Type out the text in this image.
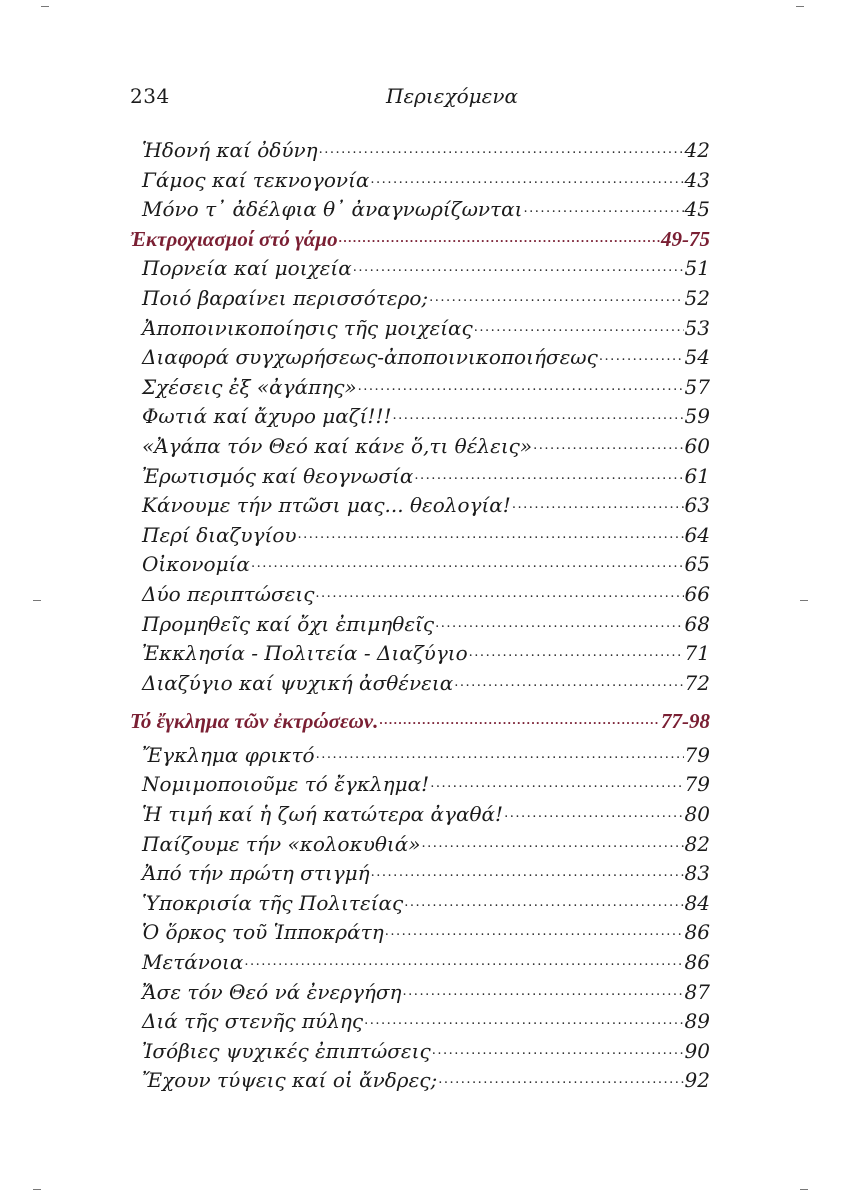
234	Περιεχόμενα
Ἡδονή καί ὀδύνη .....	42
Γάμος καί τεκνογονία .....	43
Μόνο τ᾽ ἀδέλφια θ᾽ ἀναγνωρίζωνται .....	45
Ἐκτροχιασμοί στό γάμο .....	49-75
Πορνεία καί μοιχεία .....	51
Ποιό βαραίνει περισσότερο; .....	52
Ἀποποινικοποίησις τῆς μοιχείας .....	53
Διαφορά συγχωρήσεως-ἀποποινικοποιήσεως .....	54
Σχέσεις ἐξ «ἀγάπης» .....	57
Φωτιά καί ἄχυρο μαζί!!! .....	59
«Ἀγάπα τόν Θεό καί κάνε ὅ,τι θέλεις» .....	60
Ἐρωτισμός καί θεογνωσία .....	61
Κάνουμε τήν πτῶσι μας... θεολογία! .....	63
Περί διαζυγίου .....	64
Οἰκονομία .....	65
Δύο περιπτώσεις .....	66
Προμηθεῖς καί ὄχι ἐπιμηθεῖς .....	68
Ἐκκλησία - Πολιτεία - Διαζύγιο .....	71
Διαζύγιο καί ψυχική ἀσθένεια .....	72
Τό ἔγκλημα τῶν ἐκτρώσεων. .....	77-98
Ἔγκλημα φρικτό .....	79
Νομιμοποιοῦμε τό ἔγκλημα! .....	79
Ἡ τιμή καί ἡ ζωή κατώτερα ἀγαθά! .....	80
Παίζουμε τήν «κολοκυθιά» .....	82
Ἀπό τήν πρώτη στιγμή .....	83
Ὑποκρισία τῆς Πολιτείας .....	84
Ὁ ὅρκος τοῦ Ἱπποκράτη .....	86
Μετάνοια .....	86
Ἄσε τόν Θεό νά ἐνεργήση .....	87
Διά τῆς στενῆς πύλης .....	89
Ἰσόβιες ψυχικές ἐπιπτώσεις .....	90
Ἔχουν τύψεις καί οἱ ἄνδρες; .....	92
